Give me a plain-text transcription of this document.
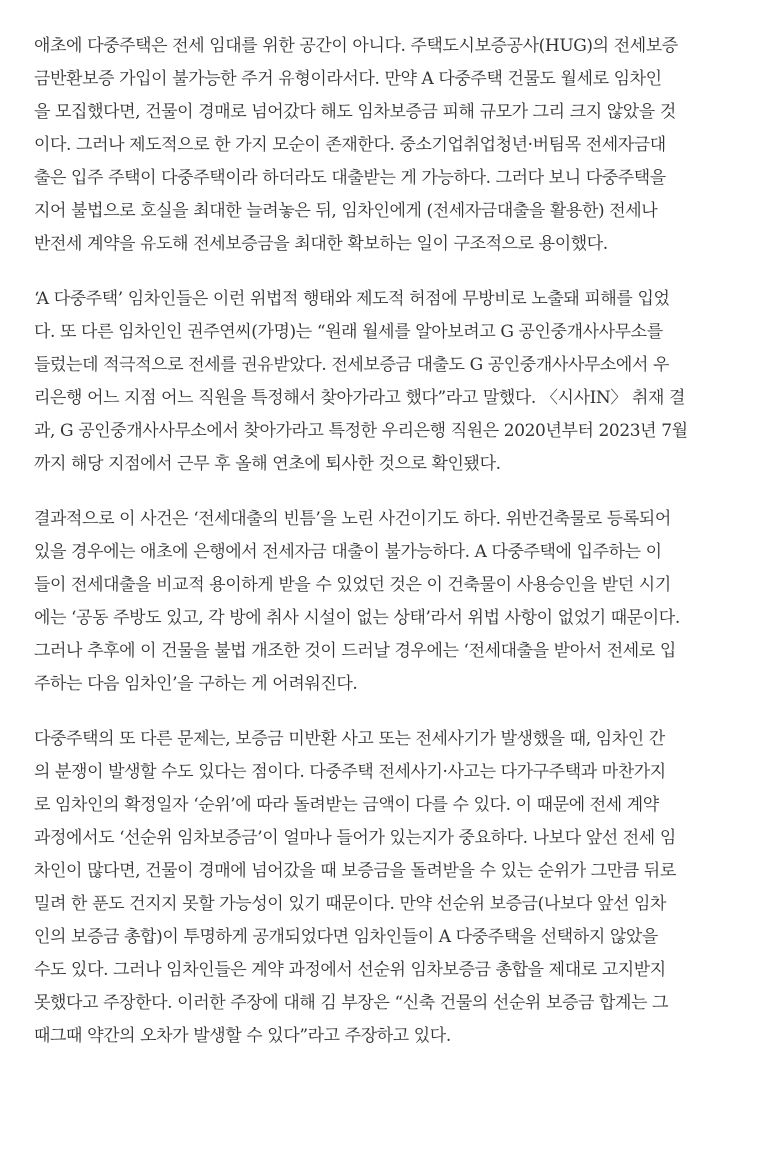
애초에 다중주택은 전세 임대를 위한 공간이 아니다. 주택도시보증공사(HUG)의 전세보증
금반환보증 가입이 불가능한 주거 유형이라서다. 만약 A 다중주택 건물도 월세로 임차인
을 모집했다면, 건물이 경매로 넘어갔다 해도 임차보증금 피해 규모가 그리 크지 않았을 것
이다. 그러나 제도적으로 한 가지 모순이 존재한다. 중소기업취업청년·버팀목 전세자금대
출은 입주 주택이 다중주택이라 하더라도 대출받는 게 가능하다. 그러다 보니 다중주택을
지어 불법으로 호실을 최대한 늘려놓은 뒤, 임차인에게 (전세자금대출을 활용한) 전세나
반전세 계약을 유도해 전세보증금을 최대한 확보하는 일이 구조적으로 용이했다.

‘A 다중주택’ 임차인들은 이런 위법적 행태와 제도적 허점에 무방비로 노출돼 피해를 입었
다. 또 다른 임차인인 권주연씨(가명)는 “원래 월세를 알아보려고 G 공인중개사사무소를
들렀는데 적극적으로 전세를 권유받았다. 전세보증금 대출도 G 공인중개사사무소에서 우
리은행 어느 지점 어느 직원을 특정해서 찾아가라고 했다”라고 말했다. 〈시사IN〉 취재 결
과, G 공인중개사사무소에서 찾아가라고 특정한 우리은행 직원은 2020년부터 2023년 7월
까지 해당 지점에서 근무 후 올해 연초에 퇴사한 것으로 확인됐다.

결과적으로 이 사건은 ‘전세대출의 빈틈’을 노린 사건이기도 하다. 위반건축물로 등록되어
있을 경우에는 애초에 은행에서 전세자금 대출이 불가능하다. A 다중주택에 입주하는 이
들이 전세대출을 비교적 용이하게 받을 수 있었던 것은 이 건축물이 사용승인을 받던 시기
에는 ‘공동 주방도 있고, 각 방에 취사 시설이 없는 상태’라서 위법 사항이 없었기 때문이다.
그러나 추후에 이 건물을 불법 개조한 것이 드러날 경우에는 ‘전세대출을 받아서 전세로 입
주하는 다음 임차인’을 구하는 게 어려워진다.

다중주택의 또 다른 문제는, 보증금 미반환 사고 또는 전세사기가 발생했을 때, 임차인 간
의 분쟁이 발생할 수도 있다는 점이다. 다중주택 전세사기·사고는 다가구주택과 마찬가지
로 임차인의 확정일자 ‘순위’에 따라 돌려받는 금액이 다를 수 있다. 이 때문에 전세 계약
과정에서도 ‘선순위 임차보증금’이 얼마나 들어가 있는지가 중요하다. 나보다 앞선 전세 임
차인이 많다면, 건물이 경매에 넘어갔을 때 보증금을 돌려받을 수 있는 순위가 그만큼 뒤로
밀려 한 푼도 건지지 못할 가능성이 있기 때문이다. 만약 선순위 보증금(나보다 앞선 임차
인의 보증금 총합)이 투명하게 공개되었다면 임차인들이 A 다중주택을 선택하지 않았을
수도 있다. 그러나 임차인들은 계약 과정에서 선순위 임차보증금 총합을 제대로 고지받지
못했다고 주장한다. 이러한 주장에 대해 김 부장은 “신축 건물의 선순위 보증금 합계는 그
때그때 약간의 오차가 발생할 수 있다”라고 주장하고 있다.
